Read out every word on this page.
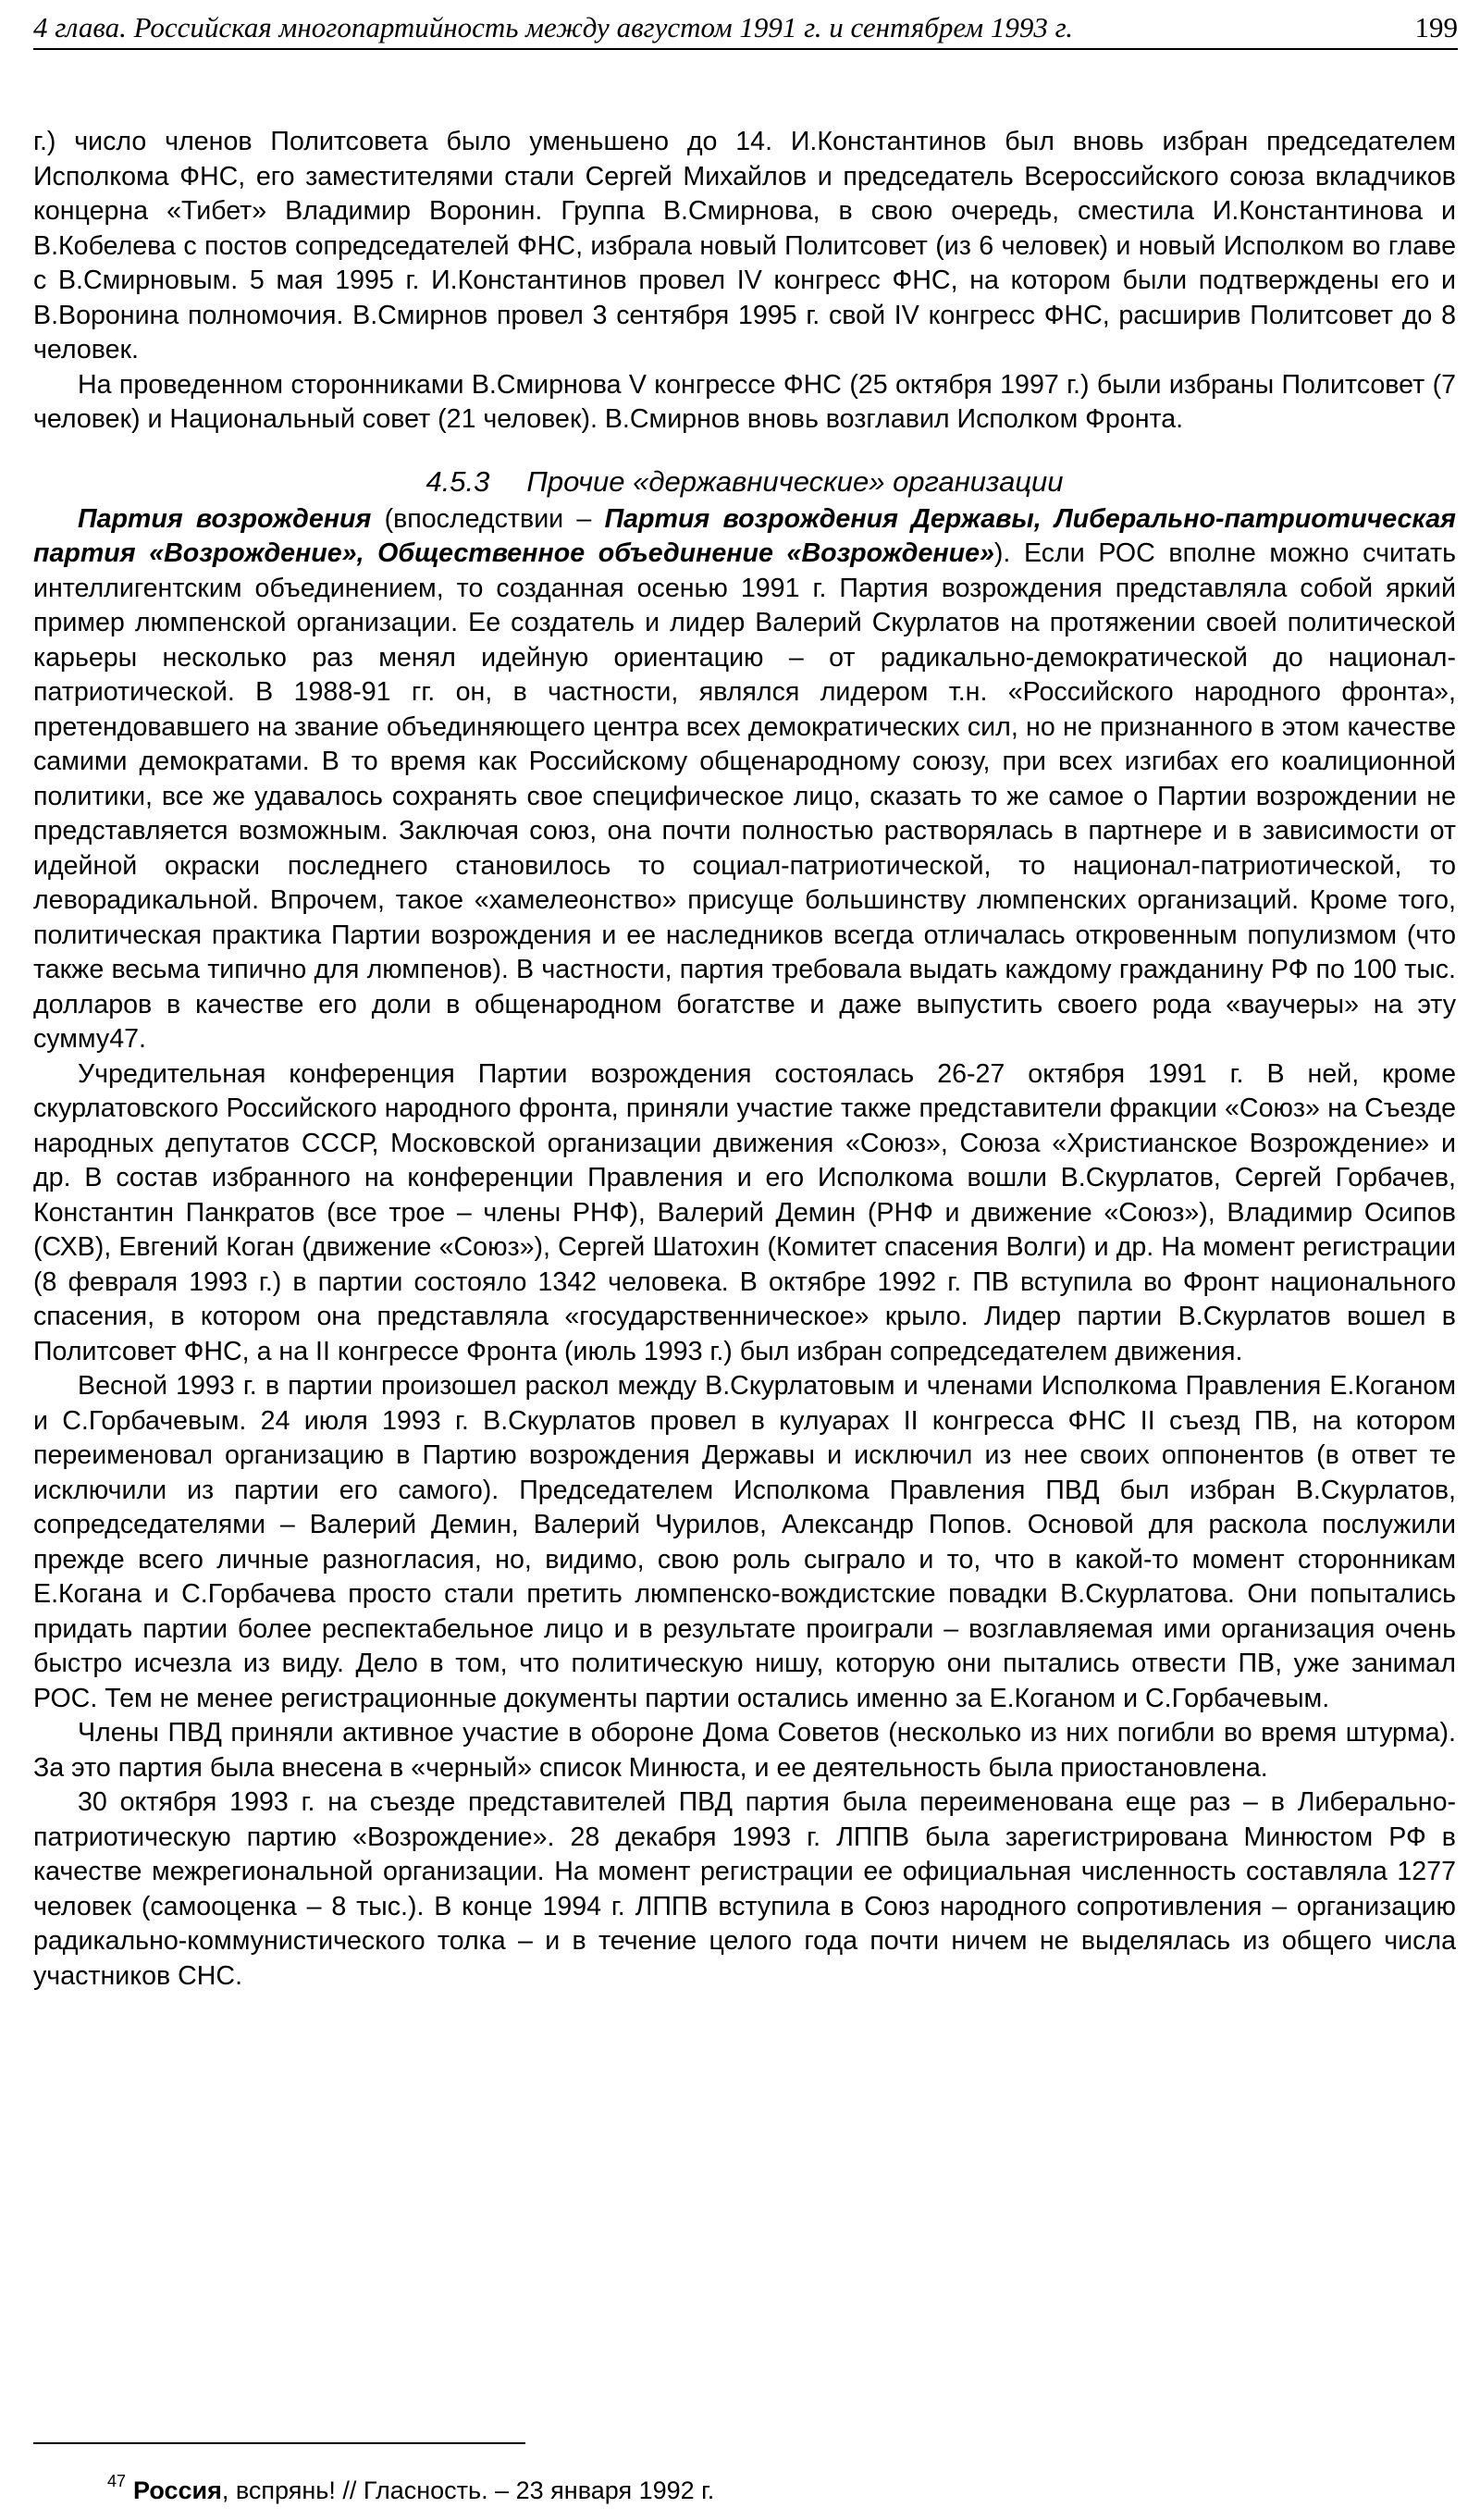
4 глава. Российская многопартийность между августом 1991 г. и сентябрем 1993 г.	199

г.) число членов Политсовета было уменьшено до 14. И.Константинов был вновь избран председателем Исполкома ФНС, его заместителями стали Сергей Михайлов и председатель Всероссийского союза вкладчиков концерна «Тибет» Владимир Воронин. Группа В.Смирнова, в свою очередь, сместила И.Константинова и В.Кобелева с постов сопредседателей ФНС, избрала новый Политсовет (из 6 человек) и новый Исполком во главе с В.Смирновым. 5 мая 1995 г. И.Константинов провел IV конгресс ФНС, на котором были подтверждены его и В.Воронина полномочия. В.Смирнов провел 3 сентября 1995 г. свой IV конгресс ФНС, расширив Политсовет до 8 человек.

На проведенном сторонниками В.Смирнова V конгрессе ФНС (25 октября 1997 г.) были избраны Политсовет (7 человек) и Национальный совет (21 человек). В.Смирнов вновь возглавил Исполком Фронта.

4.5.3 Прочие «державнические» организации

Партия возрождения (впоследствии – Партия возрождения Державы, Либерально-патриотическая партия «Возрождение», Общественное объединение «Возрождение»). Если РОС вполне можно считать интеллигентским объединением, то созданная осенью 1991 г. Партия возрождения представляла собой яркий пример люмпенской организации. Ее создатель и лидер Валерий Скурлатов на протяжении своей политической карьеры несколько раз менял идейную ориентацию – от радикально-демократической до национал-патриотической. В 1988-91 гг. он, в частности, являлся лидером т.н. «Российского народного фронта», претендовавшего на звание объединяющего центра всех демократических сил, но не признанного в этом качестве самими демократами. В то время как Российскому общенародному союзу, при всех изгибах его коалиционной политики, все же удавалось сохранять свое специфическое лицо, сказать то же самое о Партии возрождении не представляется возможным. Заключая союз, она почти полностью растворялась в партнере и в зависимости от идейной окраски последнего становилось то социал-патриотической, то национал-патриотической, то леворадикальной. Впрочем, такое «хамелеонство» присуще большинству люмпенских организаций. Кроме того, политическая практика Партии возрождения и ее наследников всегда отличалась откровенным популизмом (что также весьма типично для люмпенов). В частности, партия требовала выдать каждому гражданину РФ по 100 тыс. долларов в качестве его доли в общенародном богатстве и даже выпустить своего рода «ваучеры» на эту сумму47.

Учредительная конференция Партии возрождения состоялась 26-27 октября 1991 г. В ней, кроме скурлатовского Российского народного фронта, приняли участие также представители фракции «Союз» на Съезде народных депутатов СССР, Московской организации движения «Союз», Союза «Христианское Возрождение» и др. В состав избранного на конференции Правления и его Исполкома вошли В.Скурлатов, Сергей Горбачев, Константин Панкратов (все трое – члены РНФ), Валерий Демин (РНФ и движение «Союз»), Владимир Осипов (СХВ), Евгений Коган (движение «Союз»), Сергей Шатохин (Комитет спасения Волги) и др. На момент регистрации (8 февраля 1993 г.) в партии состояло 1342 человека. В октябре 1992 г. ПВ вступила во Фронт национального спасения, в котором она представляла «государственническое» крыло. Лидер партии В.Скурлатов вошел в Политсовет ФНС, а на II конгрессе Фронта (июль 1993 г.) был избран сопредседателем движения.

Весной 1993 г. в партии произошел раскол между В.Скурлатовым и членами Исполкома Правления Е.Коганом и С.Горбачевым. 24 июля 1993 г. В.Скурлатов провел в кулуарах II конгресса ФНС II съезд ПВ, на котором переименовал организацию в Партию возрождения Державы и исключил из нее своих оппонентов (в ответ те исключили из партии его самого). Председателем Исполкома Правления ПВД был избран В.Скурлатов, сопредседателями – Валерий Демин, Валерий Чурилов, Александр Попов. Основой для раскола послужили прежде всего личные разногласия, но, видимо, свою роль сыграло и то, что в какой-то момент сторонникам Е.Когана и С.Горбачева просто стали претить люмпенско-вождистские повадки В.Скурлатова. Они попытались придать партии более респектабельное лицо и в результате проиграли – возглавляемая ими организация очень быстро исчезла из виду. Дело в том, что политическую нишу, которую они пытались отвести ПВ, уже занимал РОС. Тем не менее регистрационные документы партии остались именно за Е.Коганом и С.Горбачевым.

Члены ПВД приняли активное участие в обороне Дома Советов (несколько из них погибли во время штурма). За это партия была внесена в «черный» список Минюста, и ее деятельность была приостановлена.

30 октября 1993 г. на съезде представителей ПВД партия была переименована еще раз – в Либерально-патриотическую партию «Возрождение». 28 декабря 1993 г. ЛППВ была зарегистрирована Минюстом РФ в качестве межрегиональной организации. На момент регистрации ее официальная численность составляла 1277 человек (самооценка – 8 тыс.). В конце 1994 г. ЛППВ вступила в Союз народного сопротивления – организацию радикально-коммунистического толка – и в течение целого года почти ничем не выделялась из общего числа участников СНС.

$^{47}$ Россия, вспрянь! // Гласность. – 23 января 1992 г.
